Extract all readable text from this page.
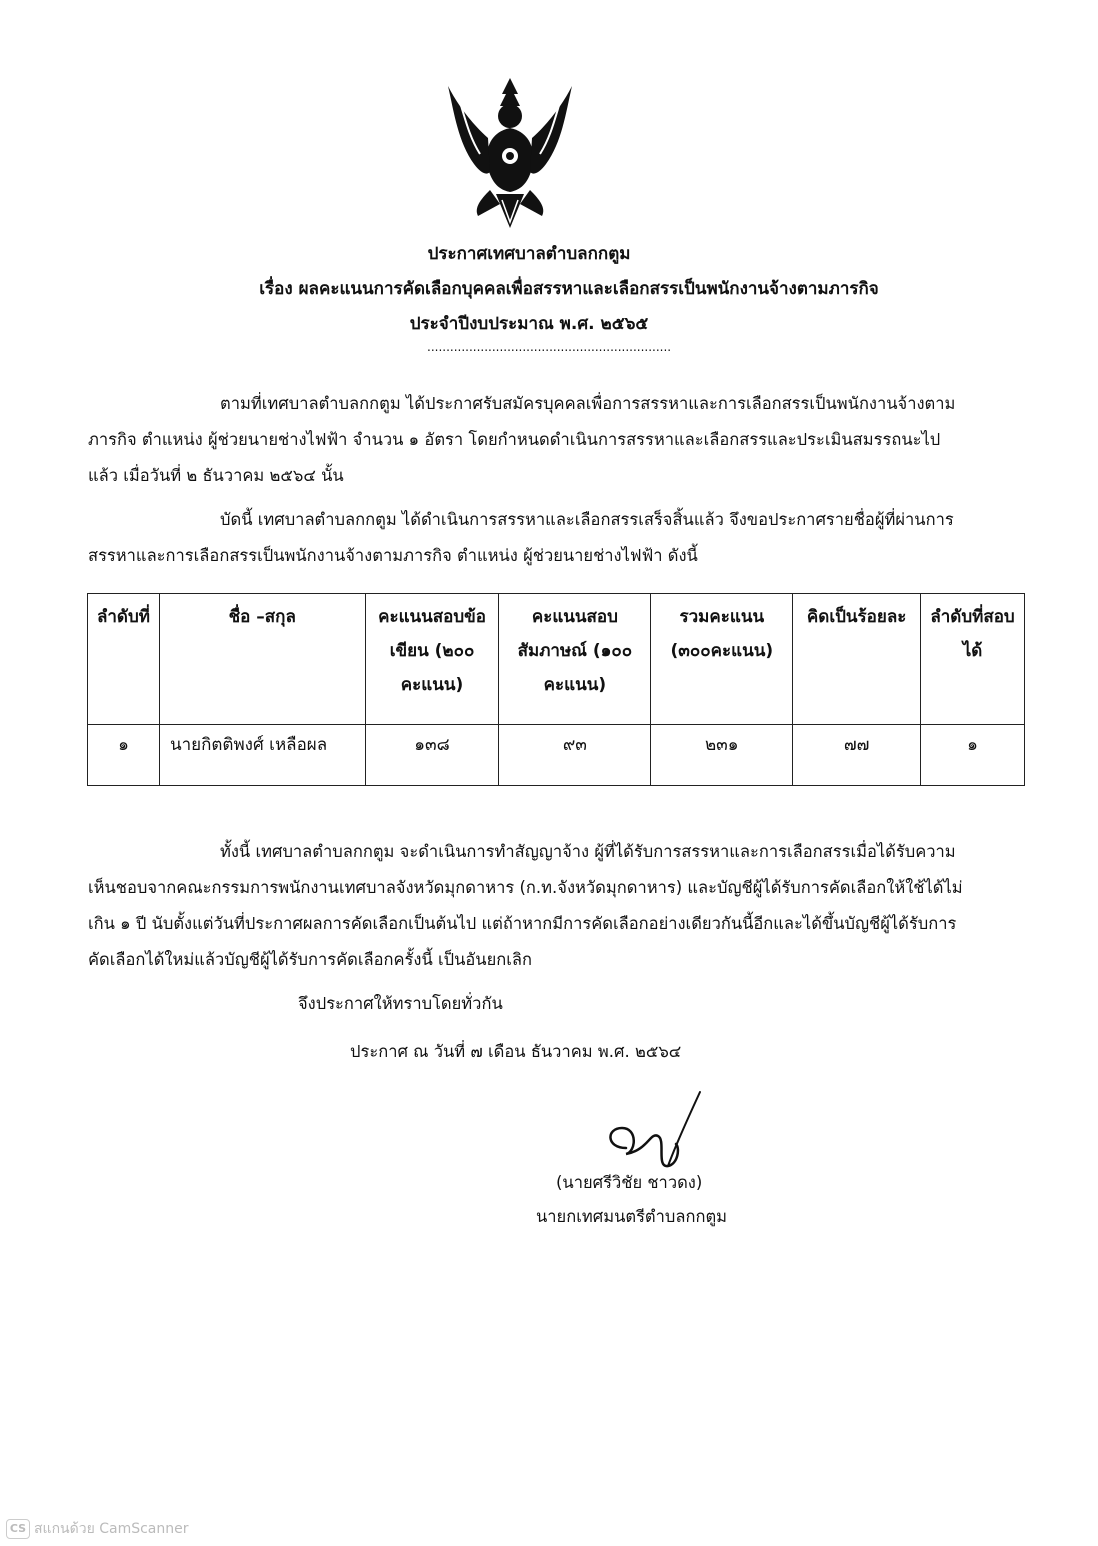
ประกาศเทศบาลตำบลกกตูม
เรื่อง ผลคะแนนการคัดเลือกบุคคลเพื่อสรรหาและเลือกสรรเป็นพนักงานจ้างตามภารกิจ
ประจำปีงบประมาณ พ.ศ. ๒๕๖๕
................................................................
ตามที่เทศบาลตำบลกกตูม ได้ประกาศรับสมัครบุคคลเพื่อการสรรหาและการเลือกสรรเป็นพนักงานจ้างตามภารกิจ ตำแหน่ง ผู้ช่วยนายช่างไฟฟ้า จำนวน ๑ อัตรา โดยกำหนดดำเนินการสรรหาและเลือกสรรและประเมินสมรรถนะไปแล้ว เมื่อวันที่ ๒ ธันวาคม ๒๕๖๔ นั้น
บัดนี้ เทศบาลตำบลกกตูม ได้ดำเนินการสรรหาและเลือกสรรเสร็จสิ้นแล้ว จึงขอประกาศรายชื่อผู้ที่ผ่านการสรรหาและการเลือกสรรเป็นพนักงานจ้างตามภารกิจ ตำแหน่ง ผู้ช่วยนายช่างไฟฟ้า ดังนี้
ลำดับที่	ชื่อ –สกุล	คะแนนสอบข้อเขียน (๒๐๐ คะแนน)	คะแนนสอบสัมภาษณ์ (๑๐๐ คะแนน)	รวมคะแนน (๓๐๐คะแนน)	คิดเป็นร้อยละ	ลำดับที่สอบได้
๑	นายกิตติพงศ์ เหลือผล	๑๓๘	๙๓	๒๓๑	๗๗	๑
ทั้งนี้ เทศบาลตำบลกกตูม จะดำเนินการทำสัญญาจ้าง ผู้ที่ได้รับการสรรหาและการเลือกสรรเมื่อได้รับความเห็นชอบจากคณะกรรมการพนักงานเทศบาลจังหวัดมุกดาหาร (ก.ท.จังหวัดมุกดาหาร) และบัญชีผู้ได้รับการคัดเลือกให้ใช้ได้ไม่เกิน ๑ ปี นับตั้งแต่วันที่ประกาศผลการคัดเลือกเป็นต้นไป แต่ถ้าหากมีการคัดเลือกอย่างเดียวกันนี้อีกและได้ขึ้นบัญชีผู้ได้รับการคัดเลือกได้ใหม่แล้วบัญชีผู้ได้รับการคัดเลือกครั้งนี้ เป็นอันยกเลิก
จึงประกาศให้ทราบโดยทั่วกัน
ประกาศ ณ วันที่ ๗ เดือน ธันวาคม พ.ศ. ๒๕๖๔
(นายศรีวิชัย ชาวดง)
นายกเทศมนตรีตำบลกกตูม
CS สแกนด้วย CamScanner
